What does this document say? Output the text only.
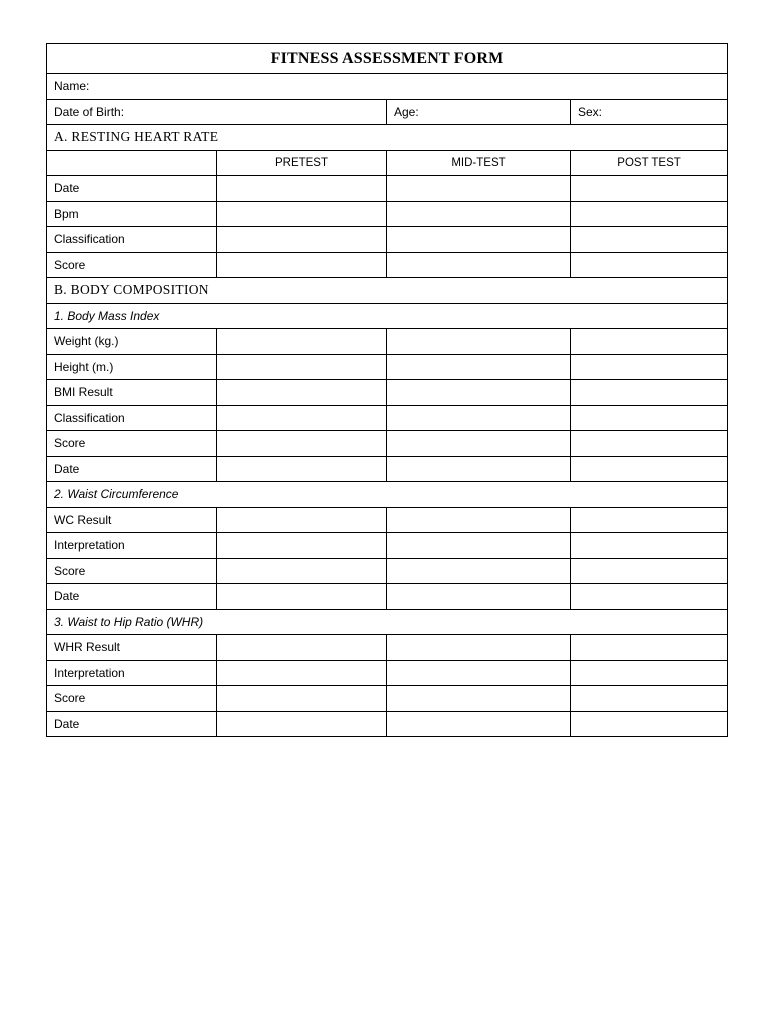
FITNESS ASSESSMENT FORM			
Name:			
Date of Birth:		Age:	Sex:
A. RESTING HEART RATE			
	PRETEST	MID-TEST	POST TEST
Date			
Bpm			
Classification			
Score			
B. BODY COMPOSITION			
1. Body Mass Index			
Weight (kg.)			
Height (m.)			
BMI Result			
Classification			
Score			
Date			
2. Waist Circumference			
WC Result			
Interpretation			
Score			
Date			
3. Waist to Hip Ratio (WHR)			
WHR Result			
Interpretation			
Score			
Date			
